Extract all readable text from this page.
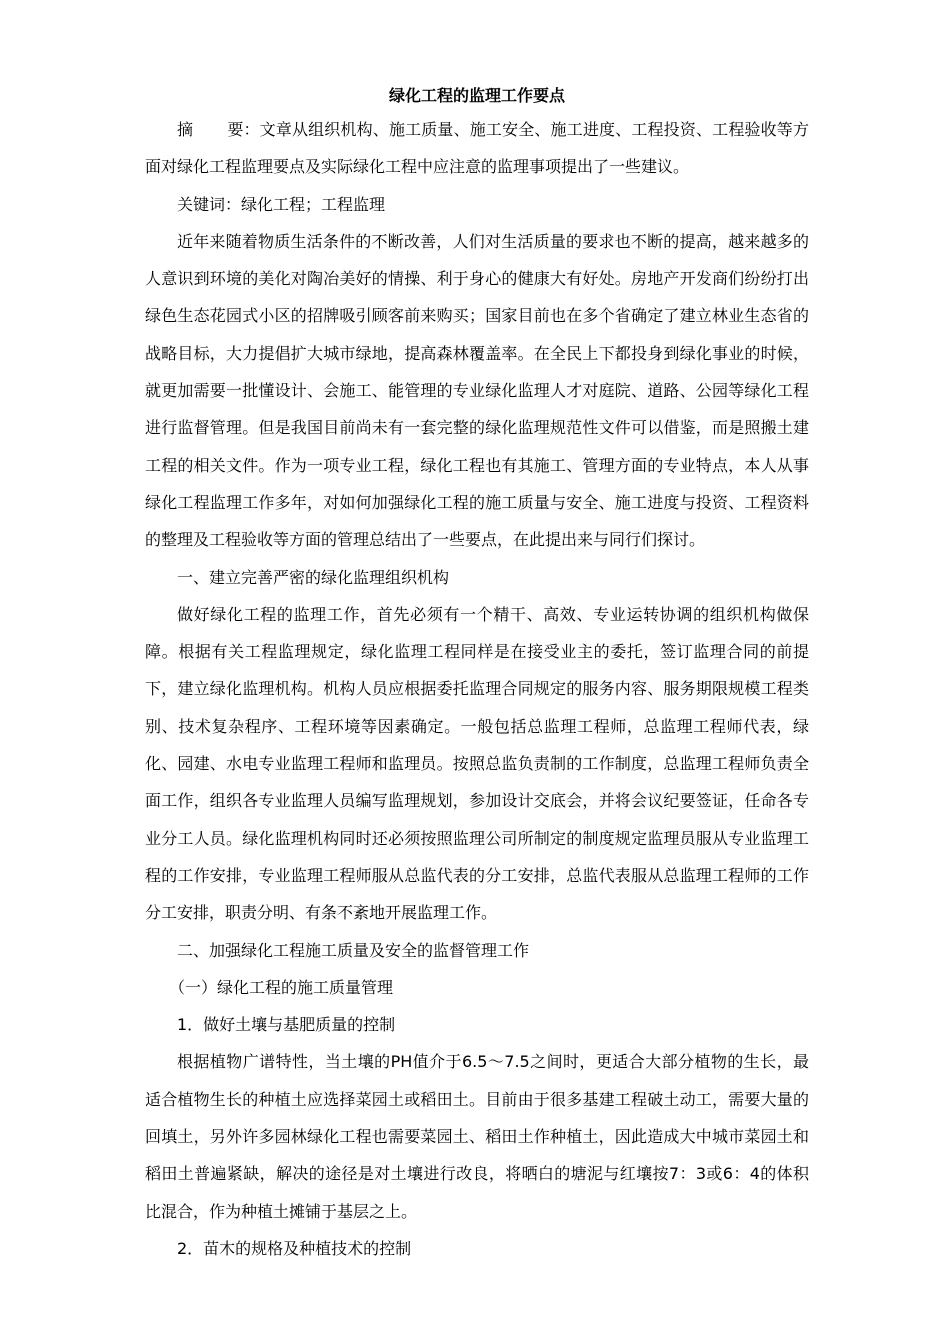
绿化工程的监理工作要点

摘 要：文章从组织机构、施工质量、施工安全、施工进度、工程投资、工程验收等方面对绿化工程监理要点及实际绿化工程中应注意的监理事项提出了一些建议。

关键词：绿化工程；工程监理

近年来随着物质生活条件的不断改善，人们对生活质量的要求也不断的提高，越来越多的人意识到环境的美化对陶冶美好的情操、利于身心的健康大有好处。房地产开发商们纷纷打出绿色生态花园式小区的招牌吸引顾客前来购买；国家目前也在多个省确定了建立林业生态省的战略目标，大力提倡扩大城市绿地，提高森林覆盖率。在全民上下都投身到绿化事业的时候，就更加需要一批懂设计、会施工、能管理的专业绿化监理人才对庭院、道路、公园等绿化工程进行监督管理。但是我国目前尚未有一套完整的绿化监理规范性文件可以借鉴，而是照搬土建工程的相关文件。作为一项专业工程，绿化工程也有其施工、管理方面的专业特点，本人从事绿化工程监理工作多年，对如何加强绿化工程的施工质量与安全、施工进度与投资、工程资料的整理及工程验收等方面的管理总结出了一些要点，在此提出来与同行们探讨。

一、建立完善严密的绿化监理组织机构

做好绿化工程的监理工作，首先必须有一个精干、高效、专业运转协调的组织机构做保障。根据有关工程监理规定，绿化监理工程同样是在接受业主的委托，签订监理合同的前提下，建立绿化监理机构。机构人员应根据委托监理合同规定的服务内容、服务期限规模工程类别、技术复杂程序、工程环境等因素确定。一般包括总监理工程师，总监理工程师代表，绿化、园建、水电专业监理工程师和监理员。按照总监负责制的工作制度，总监理工程师负责全面工作，组织各专业监理人员编写监理规划，参加设计交底会，并将会议纪要签证，任命各专业分工人员。绿化监理机构同时还必须按照监理公司所制定的制度规定监理员服从专业监理工程的工作安排，专业监理工程师服从总监代表的分工安排，总监代表服从总监理工程师的工作分工安排，职责分明、有条不紊地开展监理工作。

二、加强绿化工程施工质量及安全的监督管理工作

（一）绿化工程的施工质量管理

1．做好土壤与基肥质量的控制

根据植物广谱特性，当土壤的PH值介于6.5～7.5之间时，更适合大部分植物的生长，最适合植物生长的种植土应选择菜园土或稻田土。目前由于很多基建工程破土动工，需要大量的回填土，另外许多园林绿化工程也需要菜园土、稻田土作种植土，因此造成大中城市菜园土和稻田土普遍紧缺，解决的途径是对土壤进行改良，将晒白的塘泥与红壤按7：3或6：4的体积比混合，作为种植土摊铺于基层之上。

2．苗木的规格及种植技术的控制
